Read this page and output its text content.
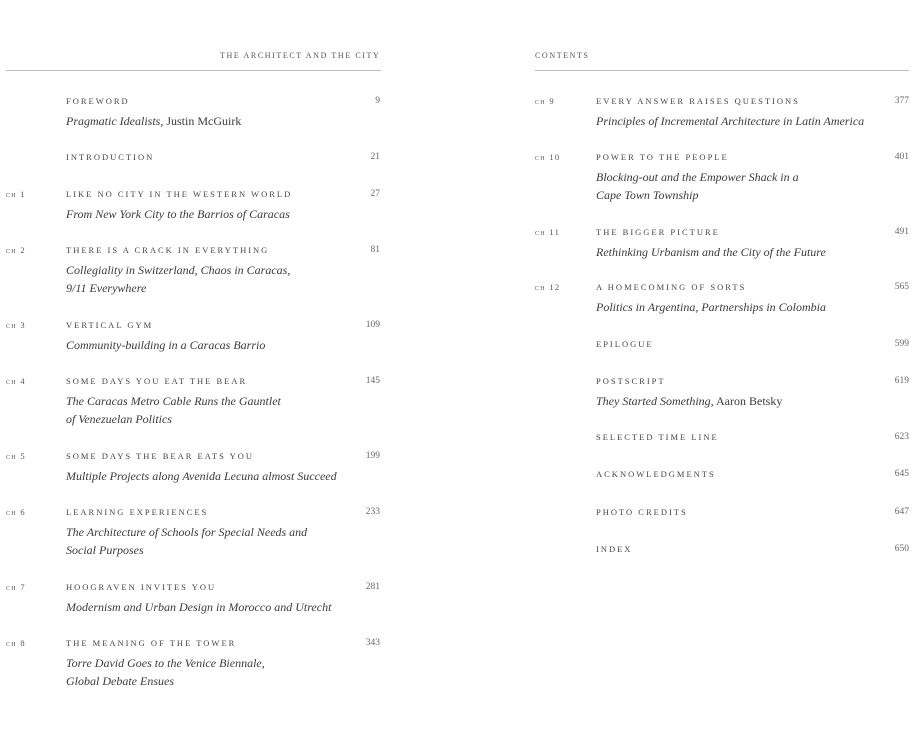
THE ARCHITECT AND THE CITY
FOREWORD	9
Pragmatic Idealists, Justin McGuirk
INTRODUCTION	21
ch 1	LIKE NO CITY IN THE WESTERN WORLD	27
From New York City to the Barrios of Caracas
ch 2	THERE IS A CRACK IN EVERYTHING	81
Collegiality in Switzerland, Chaos in Caracas,
9/11 Everywhere
ch 3	VERTICAL GYM	109
Community-building in a Caracas Barrio
ch 4	SOME DAYS YOU EAT THE BEAR	145
The Caracas Metro Cable Runs the Gauntlet
of Venezuelan Politics
ch 5	SOME DAYS THE BEAR EATS YOU	199
Multiple Projects along Avenida Lecuna almost Succeed
ch 6	LEARNING EXPERIENCES	233
The Architecture of Schools for Special Needs and
Social Purposes
ch 7	HOOGRAVEN INVITES YOU	281
Modernism and Urban Design in Morocco and Utrecht
ch 8	THE MEANING OF THE TOWER	343
Torre David Goes to the Venice Biennale,
Global Debate Ensues
CONTENTS
ch 9	EVERY ANSWER RAISES QUESTIONS	377
Principles of Incremental Architecture in Latin America
ch 10	POWER TO THE PEOPLE	401
Blocking-out and the Empower Shack in a
Cape Town Township
ch 11	THE BIGGER PICTURE	491
Rethinking Urbanism and the City of the Future
ch 12	A HOMECOMING OF SORTS	565
Politics in Argentina, Partnerships in Colombia
EPILOGUE	599
POSTSCRIPT	619
They Started Something, Aaron Betsky
SELECTED TIME LINE	623
ACKNOWLEDGMENTS	645
PHOTO CREDITS	647
INDEX	650
